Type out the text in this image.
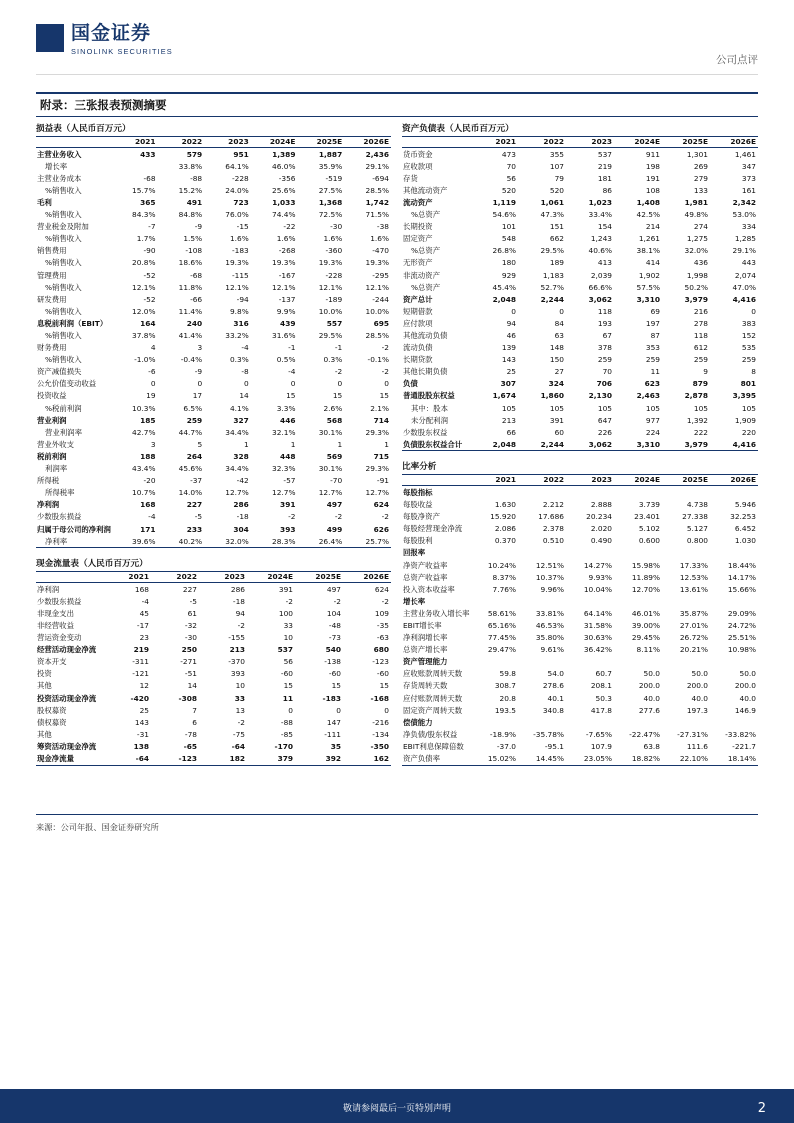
国金证券
SINOLINK SECURITIES
公司点评
附录：三张报表预测摘要
损益表（人民币百万元）
	2021	2022	2023	2024E	2025E	2026E
主营业务收入	433	579	951	1,389	1,887	2,436
增长率		33.8%	64.1%	46.0%	35.9%	29.1%
主营业务成本	-68	-88	-228	-356	-519	-694
%销售收入	15.7%	15.2%	24.0%	25.6%	27.5%	28.5%
毛利	365	491	723	1,033	1,368	1,742
%销售收入	84.3%	84.8%	76.0%	74.4%	72.5%	71.5%
营业税金及附加	-7	-9	-15	-22	-30	-38
%销售收入	1.7%	1.5%	1.6%	1.6%	1.6%	1.6%
销售费用	-90	-108	-183	-268	-360	-470
%销售收入	20.8%	18.6%	19.3%	19.3%	19.3%	19.3%
管理费用	-52	-68	-115	-167	-228	-295
%销售收入	12.1%	11.8%	12.1%	12.1%	12.1%	12.1%
研发费用	-52	-66	-94	-137	-189	-244
%销售收入	12.0%	11.4%	9.8%	9.9%	10.0%	10.0%
息税前利润（EBIT）	164	240	316	439	557	695
%销售收入	37.8%	41.4%	33.2%	31.6%	29.5%	28.5%
财务费用	4	3	-4	-1	-1	-2
%销售收入	-1.0%	-0.4%	0.3%	0.5%	0.3%	-0.1%
资产减值损失	-6	-9	-8	-4	-2	-2
公允价值变动收益	0	0	0	0	0	0
投资收益	19	17	14	15	15	15
%税前利润	10.3%	6.5%	4.1%	3.3%	2.6%	2.1%
营业利润	185	259	327	446	568	714
营业利润率	42.7%	44.7%	34.4%	32.1%	30.1%	29.3%
营业外收支	3	5	1	1	1	1
税前利润	188	264	328	448	569	715
利润率	43.4%	45.6%	34.4%	32.3%	30.1%	29.3%
所得税	-20	-37	-42	-57	-70	-91
所得税率	10.7%	14.0%	12.7%	12.7%	12.7%	12.7%
净利润	168	227	286	391	497	624
少数股东损益	-4	-5	-18	-2	-2	-2
归属于母公司的净利润	171	233	304	393	499	626
净利率	39.6%	40.2%	32.0%	28.3%	26.4%	25.7%
现金流量表（人民币百万元）
	2021	2022	2023	2024E	2025E	2026E
净利润	168	227	286	391	497	624
少数股东损益	-4	-5	-18	-2	-2	-2
非现金支出	45	61	94	100	104	109
非经营收益	-17	-32	-2	33	-48	-35
营运资金变动	23	-30	-155	10	-73	-63
经营活动现金净流	219	250	213	537	540	680
资本开支	-311	-271	-370	56	-138	-123
投资	-121	-51	393	-60	-60	-60
其他	12	14	10	15	15	15
投资活动现金净流	-420	-308	33	11	-183	-168
股权募资	25	7	13	0	0	0
债权募资	143	6	-2	-88	147	-216
其他	-31	-78	-75	-85	-111	-134
筹资活动现金净流	138	-65	-64	-170	35	-350
现金净流量	-64	-123	182	379	392	162
资产负债表（人民币百万元）
	2021	2022	2023	2024E	2025E	2026E
货币资金	473	355	537	911	1,301	1,461
应收款项	70	107	219	198	269	347
存货	56	79	181	191	279	373
其他流动资产	520	520	86	108	133	161
流动资产	1,119	1,061	1,023	1,408	1,981	2,342
%总资产	54.6%	47.3%	33.4%	42.5%	49.8%	53.0%
长期投资	101	151	154	214	274	334
固定资产	548	662	1,243	1,261	1,275	1,285
%总资产	26.8%	29.5%	40.6%	38.1%	32.0%	29.1%
无形资产	180	189	413	414	436	443
非流动资产	929	1,183	2,039	1,902	1,998	2,074
%总资产	45.4%	52.7%	66.6%	57.5%	50.2%	47.0%
资产总计	2,048	2,244	3,062	3,310	3,979	4,416
短期借款	0	0	118	69	216	0
应付款项	94	84	193	197	278	383
其他流动负债	46	63	67	87	118	152
流动负债	139	148	378	353	612	535
长期贷款	143	150	259	259	259	259
其他长期负债	25	27	70	11	9	8
负债	307	324	706	623	879	801
普通股股东权益	1,674	1,860	2,130	2,463	2,878	3,395
其中：股本	105	105	105	105	105	105
未分配利润	213	391	647	977	1,392	1,909
少数股东权益	66	60	226	224	222	220
负债股东权益合计	2,048	2,244	3,062	3,310	3,979	4,416
比率分析
	2021	2022	2023	2024E	2025E	2026E
每股指标						
每股收益	1.630	2.212	2.888	3.739	4.738	5.946
每股净资产	15.920	17.686	20.234	23.401	27.338	32.253
每股经营现金净流	2.086	2.378	2.020	5.102	5.127	6.452
每股股利	0.370	0.510	0.490	0.600	0.800	1.030
回报率						
净资产收益率	10.24%	12.51%	14.27%	15.98%	17.33%	18.44%
总资产收益率	8.37%	10.37%	9.93%	11.89%	12.53%	14.17%
投入资本收益率	7.76%	9.96%	10.04%	12.70%	13.61%	15.66%
增长率						
主营业务收入增长率	58.61%	33.81%	64.14%	46.01%	35.87%	29.09%
EBIT增长率	65.16%	46.53%	31.58%	39.00%	27.01%	24.72%
净利润增长率	77.45%	35.80%	30.63%	29.45%	26.72%	25.51%
总资产增长率	29.47%	9.61%	36.42%	8.11%	20.21%	10.98%
资产管理能力						
应收账款周转天数	59.8	54.0	60.7	50.0	50.0	50.0
存货周转天数	308.7	278.6	208.1	200.0	200.0	200.0
应付账款周转天数	20.8	40.1	50.3	40.0	40.0	40.0
固定资产周转天数	193.5	340.8	417.8	277.6	197.3	146.9
偿债能力						
净负债/股东权益	-18.9%	-35.78%	-7.65%	-22.47%	-27.31%	-33.82%
EBIT利息保障倍数	-37.0	-95.1	107.9	63.8	111.6	-221.7
资产负债率	15.02%	14.45%	23.05%	18.82%	22.10%	18.14%
来源：公司年报、国金证券研究所
敬请参阅最后一页特别声明	2
